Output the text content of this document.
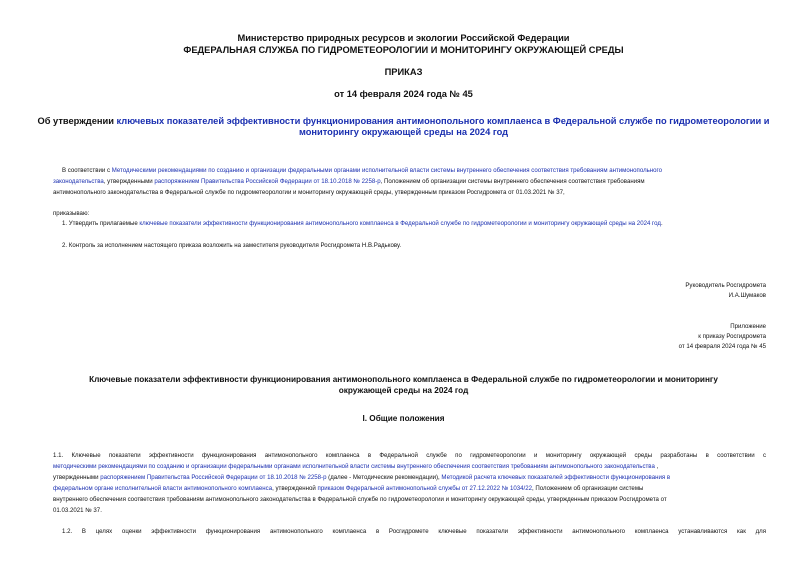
Министерство природных ресурсов и экологии Российской Федерации
ФЕДЕРАЛЬНАЯ СЛУЖБА ПО ГИДРОМЕТЕОРОЛОГИИ И МОНИТОРИНГУ ОКРУЖАЮЩЕЙ СРЕДЫ
ПРИКАЗ
от 14 февраля 2024 года № 45
Об утверждении ключевых показателей эффективности функционирования антимонопольного комплаенса в Федеральной службе по гидрометеорологии и
мониторингу окружающей среды на 2024 год
В соответствии с Методическими рекомендациями по созданию и организации федеральными органами исполнительной власти системы внутреннего обеспечения соответствия требованиям антимонопольного
законодательства, утвержденными распоряжением Правительства Российской Федерации от 18.10.2018 № 2258-р, Положением об организации системы внутреннего обеспечения соответствия требованиям
антимонопольного законодательства в Федеральной службе по гидрометеорологии и мониторингу окружающей среды, утвержденным приказом Росгидромета от 01.03.2021 № 37,
приказываю:
1. Утвердить прилагаемые ключевые показатели эффективности функционирования антимонопольного комплаенса в Федеральной службе по гидрометеорологии и мониторингу окружающей среды на 2024 год.
2. Контроль за исполнением настоящего приказа возложить на заместителя руководителя Росгидромета Н.В.Радькову.
Руководитель Росгидромета
И.А.Шумаков
Приложение
к приказу Росгидромета
от 14 февраля 2024 года № 45
Ключевые показатели эффективности функционирования антимонопольного комплаенса в Федеральной службе по гидрометеорологии и мониторингу
окружающей среды на 2024 год
I. Общие положения
1.1. Ключевые показатели эффективности функционирования антимонопольного комплаенса в Федеральной службе по гидрометеорологии и мониторингу окружающей среды разработаны в соответствии с
методическими рекомендациями по созданию и организации федеральными органами исполнительной власти системы внутреннего обеспечения соответствия требованиям антимонопольного законодательства ,
утвержденными распоряжением Правительства Российской Федерации от 18.10.2018 № 2258-р (далее - Методические рекомендации), Методикой расчета ключевых показателей эффективности функционирования в
федеральном органе исполнительной власти антимонопольного комплаенса, утвержденной приказом Федеральной антимонопольной службы от 27.12.2022 № 1034/22, Положением об организации системы
внутреннего обеспечения соответствия требованиям антимонопольного законодательства в Федеральной службе по гидрометеорологии и мониторингу окружающей среды, утвержденным приказом Росгидромета от
01.03.2021 № 37.
1.2. В целях оценки эффективности функционирования антимонопольного комплаенса в Росгидромете ключевые показатели эффективности антимонопольного комплаенса устанавливаются как для
